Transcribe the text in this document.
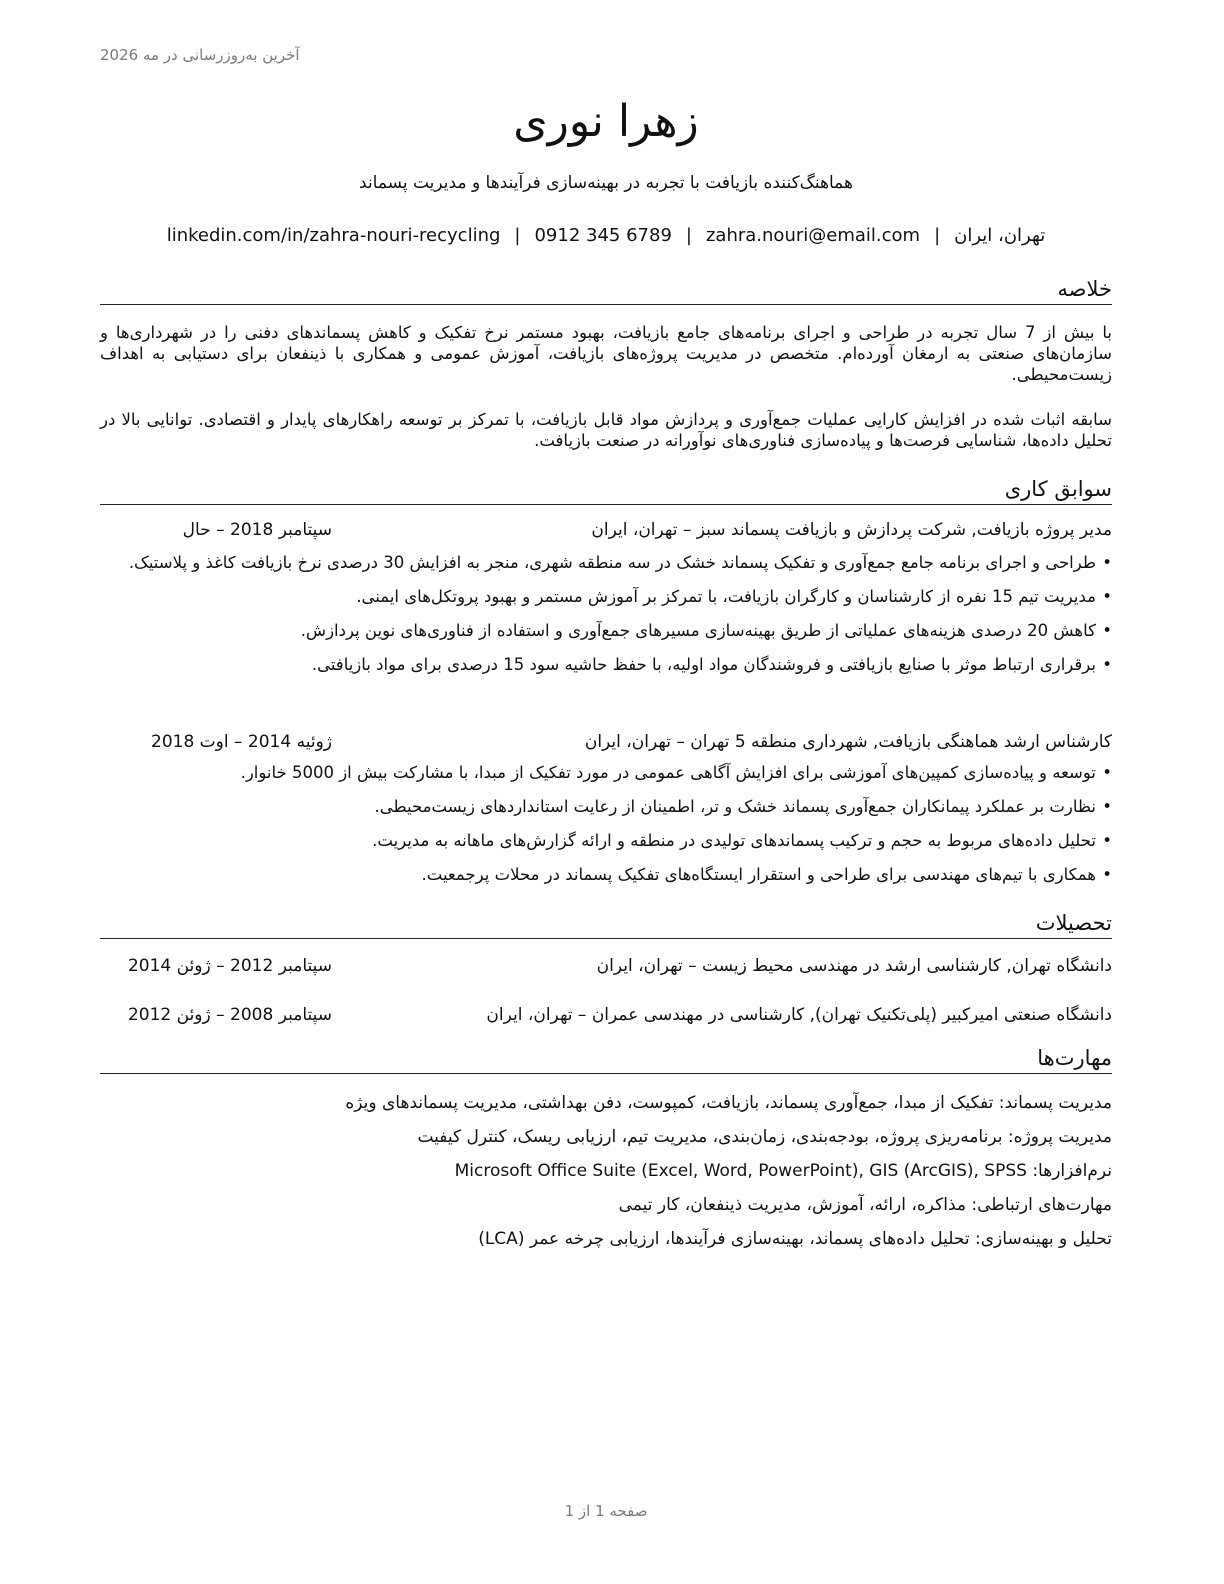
آخرین به‌روزرسانی در مه 2026
زهرا نوری
هماهنگ‌کننده بازیافت با تجربه در بهینه‌سازی فرآیندها و مدیریت پسماند
تهران، ایران|zahra.nouri@email.com|0912 345 6789|linkedin.com/in/zahra-nouri-recycling
خلاصه
با بیش از 7 سال تجربه در طراحی و اجرای برنامه‌های جامع بازیافت، بهبود مستمر نرخ تفکیک و کاهش پسماندهای دفنی را در شهرداری‌ها و سازمان‌های صنعتی به ارمغان آورده‌ام. متخصص در مدیریت پروژه‌های بازیافت، آموزش عمومی و همکاری با ذینفعان برای دستیابی به اهداف زیست‌محیطی.
سابقه اثبات شده در افزایش کارایی عملیات جمع‌آوری و پردازش مواد قابل بازیافت، با تمرکز بر توسعه راهکارهای پایدار و اقتصادی. توانایی بالا در تحلیل داده‌ها، شناسایی فرصت‌ها و پیاده‌سازی فناوری‌های نوآورانه در صنعت بازیافت.
سوابق کاری
مدیر پروژه بازیافت, شرکت پردازش و بازیافت پسماند سبز – تهران، ایران
سپتامبر 2018 – حال
•
طراحی و اجرای برنامه جامع جمع‌آوری و تفکیک پسماند خشک در سه منطقه شهری، منجر به افزایش 30 درصدی نرخ بازیافت کاغذ و پلاستیک.
•
مدیریت تیم 15 نفره از کارشناسان و کارگران بازیافت، با تمرکز بر آموزش مستمر و بهبود پروتکل‌های ایمنی.
•
کاهش 20 درصدی هزینه‌های عملیاتی از طریق بهینه‌سازی مسیرهای جمع‌آوری و استفاده از فناوری‌های نوین پردازش.
•
برقراری ارتباط موثر با صنایع بازیافتی و فروشندگان مواد اولیه، با حفظ حاشیه سود 15 درصدی برای مواد بازیافتی.
کارشناس ارشد هماهنگی بازیافت, شهرداری منطقه 5 تهران – تهران، ایران
ژوئیه 2014 – اوت 2018
•
توسعه و پیاده‌سازی کمپین‌های آموزشی برای افزایش آگاهی عمومی در مورد تفکیک از مبدا، با مشارکت بیش از 5000 خانوار.
•
نظارت بر عملکرد پیمانکاران جمع‌آوری پسماند خشک و تر، اطمینان از رعایت استانداردهای زیست‌محیطی.
•
تحلیل داده‌های مربوط به حجم و ترکیب پسماندهای تولیدی در منطقه و ارائه گزارش‌های ماهانه به مدیریت.
•
همکاری با تیم‌های مهندسی برای طراحی و استقرار ایستگاه‌های تفکیک پسماند در محلات پرجمعیت.
تحصیلات
دانشگاه تهران, کارشناسی ارشد در مهندسی محیط زیست – تهران، ایران
سپتامبر 2012 – ژوئن 2014
دانشگاه صنعتی امیرکبیر (پلی‌تکنیک تهران), کارشناسی در مهندسی عمران – تهران، ایران
سپتامبر 2008 – ژوئن 2012
مهارت‌ها
مدیریت پسماند: تفکیک از مبدا، جمع‌آوری پسماند، بازیافت، کمپوست، دفن بهداشتی، مدیریت پسماندهای ویژه
مدیریت پروژه: برنامه‌ریزی پروژه، بودجه‌بندی، زمان‌بندی، مدیریت تیم، ارزیابی ریسک، کنترل کیفیت
نرم‌افزارها: Microsoft Office Suite (Excel, Word, PowerPoint), GIS (ArcGIS), SPSS
مهارت‌های ارتباطی: مذاکره، ارائه، آموزش، مدیریت ذینفعان، کار تیمی
تحلیل و بهینه‌سازی: تحلیل داده‌های پسماند، بهینه‌سازی فرآیندها، ارزیابی چرخه عمر (LCA)
صفحه 1 از 1
